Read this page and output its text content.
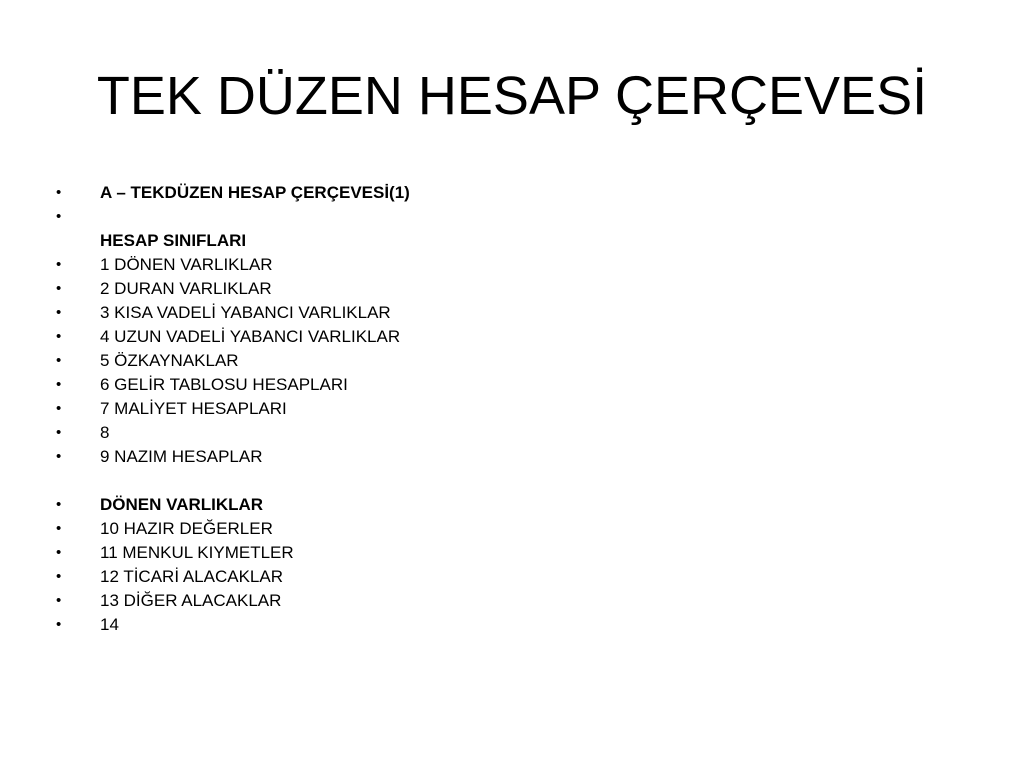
TEK DÜZEN HESAP ÇERÇEVESİ
•	A – TEKDÜZEN HESAP ÇERÇEVESİ(1)
•
HESAP SINIFLARI
•	1 DÖNEN VARLIKLAR
•	2 DURAN VARLIKLAR
•	3 KISA VADELİ YABANCI VARLIKLAR
•	4 UZUN VADELİ YABANCI VARLIKLAR
•	5 ÖZKAYNAKLAR
•	6 GELİR TABLOSU HESAPLARI
•	7 MALİYET HESAPLARI
•	8
•	9 NAZIM HESAPLAR
•	DÖNEN VARLIKLAR
•	10 HAZIR DEĞERLER
•	11 MENKUL KIYMETLER
•	12 TİCARİ ALACAKLAR
•	13 DİĞER ALACAKLAR
•	14
